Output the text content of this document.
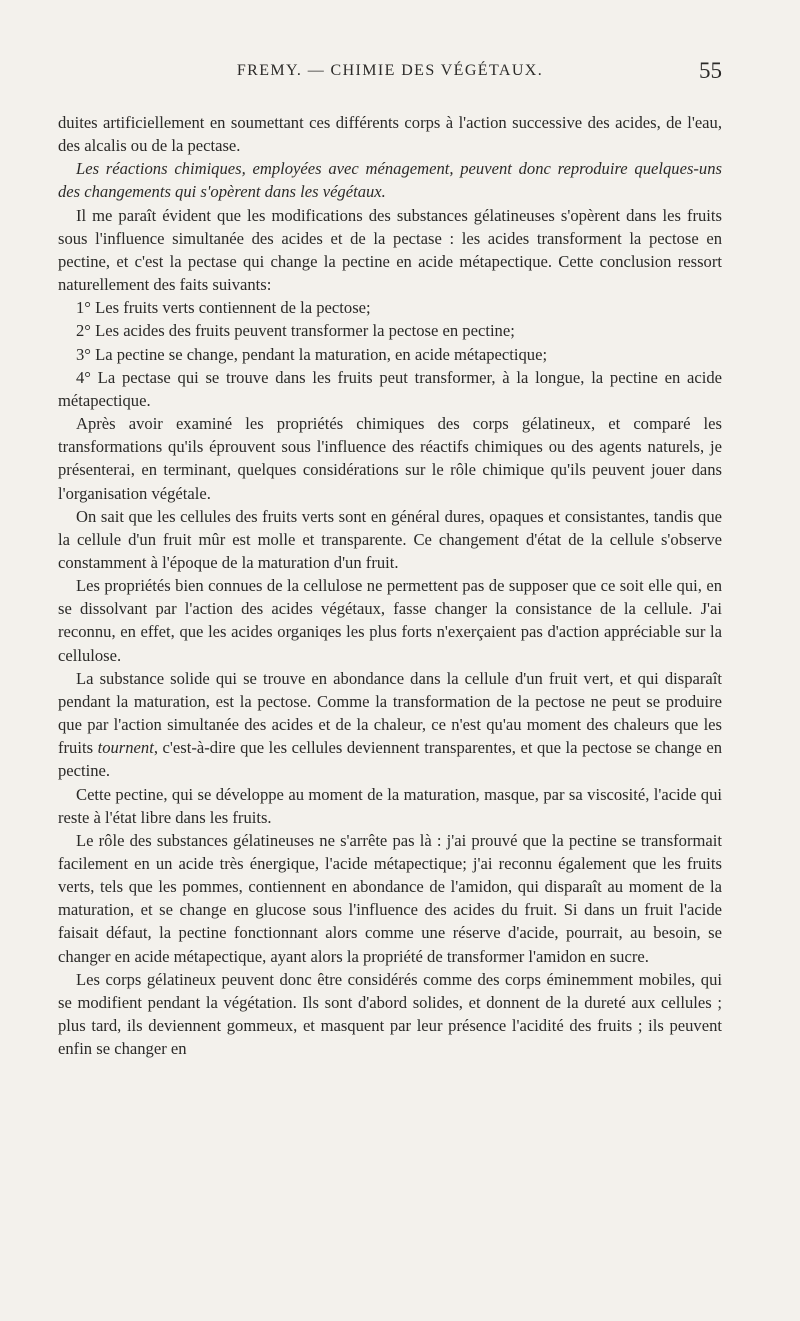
FREMY. — CHIMIE DES VÉGÉTAUX.	55

duites artificiellement en soumettant ces différents corps à l'action successive des acides, de l'eau, des alcalis ou de la pectase.

Les réactions chimiques, employées avec ménagement, peuvent donc reproduire quelques-uns des changements qui s'opèrent dans les végétaux.

Il me paraît évident que les modifications des substances gélatineuses s'opèrent dans les fruits sous l'influence simultanée des acides et de la pectase : les acides transforment la pectose en pectine, et c'est la pectase qui change la pectine en acide métapectique. Cette conclusion ressort naturellement des faits suivants:

1° Les fruits verts contiennent de la pectose;

2° Les acides des fruits peuvent transformer la pectose en pectine;

3° La pectine se change, pendant la maturation, en acide métapectique;

4° La pectase qui se trouve dans les fruits peut transformer, à la longue, la pectine en acide métapectique.

Après avoir examiné les propriétés chimiques des corps gélatineux, et comparé les transformations qu'ils éprouvent sous l'influence des réactifs chimiques ou des agents naturels, je présenterai, en terminant, quelques considérations sur le rôle chimique qu'ils peuvent jouer dans l'organisation végétale.

On sait que les cellules des fruits verts sont en général dures, opaques et consistantes, tandis que la cellule d'un fruit mûr est molle et transparente. Ce changement d'état de la cellule s'observe constamment à l'époque de la maturation d'un fruit.

Les propriétés bien connues de la cellulose ne permettent pas de supposer que ce soit elle qui, en se dissolvant par l'action des acides végétaux, fasse changer la consistance de la cellule. J'ai reconnu, en effet, que les acides organiqes les plus forts n'exerçaient pas d'action appréciable sur la cellulose.

La substance solide qui se trouve en abondance dans la cellule d'un fruit vert, et qui disparaît pendant la maturation, est la pectose. Comme la transformation de la pectose ne peut se produire que par l'action simultanée des acides et de la chaleur, ce n'est qu'au moment des chaleurs que les fruits tournent, c'est-à-dire que les cellules deviennent transparentes, et que la pectose se change en pectine.

Cette pectine, qui se développe au moment de la maturation, masque, par sa viscosité, l'acide qui reste à l'état libre dans les fruits.

Le rôle des substances gélatineuses ne s'arrête pas là : j'ai prouvé que la pectine se transformait facilement en un acide très énergique, l'acide métapectique; j'ai reconnu également que les fruits verts, tels que les pommes, contiennent en abondance de l'amidon, qui disparaît au moment de la maturation, et se change en glucose sous l'influence des acides du fruit. Si dans un fruit l'acide faisait défaut, la pectine fonctionnant alors comme une réserve d'acide, pourrait, au besoin, se changer en acide métapectique, ayant alors la propriété de transformer l'amidon en sucre.

Les corps gélatineux peuvent donc être considérés comme des corps éminemment mobiles, qui se modifient pendant la végétation. Ils sont d'abord solides, et donnent de la dureté aux cellules ; plus tard, ils deviennent gommeux, et masquent par leur présence l'acidité des fruits ; ils peuvent enfin se changer en
